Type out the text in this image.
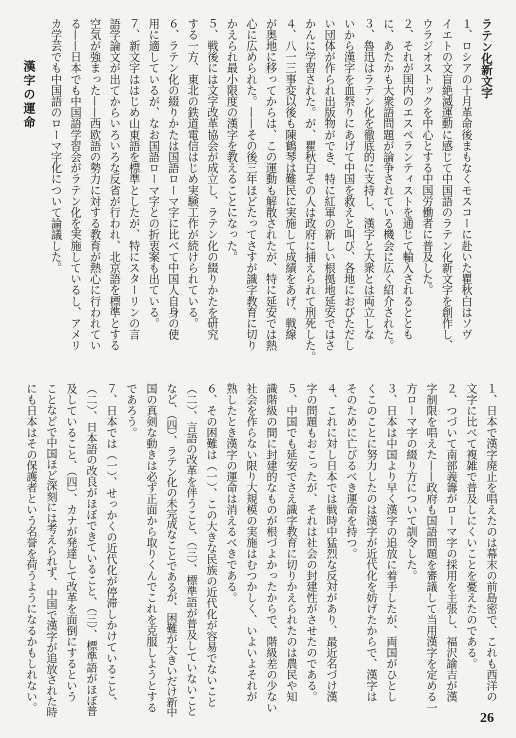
ラテン化新文字
１、ロシアの十月革命後まもなくモスコーに赴いた瞿秋白はソヴ
イエトの文盲絶滅運動に感じて中国語のラテン化新文字を創作し、
ウラジオストックを中心とする中国労働者に普及した。
２、それが国内のエスペランティストを通じて輸入されるととも
に、あたかも大衆語問題が論争されている機会に広く紹介された。
３、魯迅はラテン化を徹底的に支持し、漢字と大衆とは両立しな
いから漢字を血祭りにあげて中国を救えと叫び、各地におびただし
い団体が作られ出版物ができ、特に紅軍の新しい根拠地延安ではさ
かんに学習された。が、瞿秋白その人は政府に捕えられて刑死した。
４、八一三事変以後も陳鶴琴は難民に実施して成績をあげ、戦線
が奥地に移ってからは、この運動も解散されたが、特に延安では熱
心に広められた。——その後三年ほどたってさすが識字教育に切り
かえられ最小限度の漢字を教えることになった。
５、戦後には文字改革協会が成立し、ラテン化の綴りかたを研究
する一方、東北の鉄道電信はじめ実験工作が続けられている。
６、ラテン化の綴りかたは国語ローマ字に比べて中国人自身の使
用に適しているが、なお国語ローマ字との折衷案も出ている。
７、新文字ははじめ山東語を標準としたが、特にスターリンの言
語学論文が出てからいろいろな反省が行われ、北京語を標準とする
空気が強まった——西欧語の勢力に対する教育が熱心に行われてい
る——日本でも中国語学習会がラテン化を実施しているし、アメリ
カ学芸でも中国語のローマ字化について論議した。
漢字の運命
１、日本で漢字廃止を唱えたのは幕末の前島密で、これも西洋の
文字に比べて複雑で普及しにくいことを憂えたのである。
２、つづいて南部義籌がローマ字の採用を主張し、福沢諭吉が漢
字制限を唱えた——政府も国語問題を審議して当用漢字を定める一
方ローマ字の綴り方について訓令した。
３、日本は中国より早く漢字の追放に着手したが、両国がひとし
くこのことに努力したのは漢字が近代化を妨げたからで、漢字は
そのために亡びるべき運命を持つ。
４、これに対し日本では戦時中猛烈な反対があり、最近名づけ漢
字の問題もおこったが、それは社会の封建性がさせたのである。
５、中国でも延安でさえ識字教育に切りかえられたのは農民や知
識階級の間に封建的なものが根づよかったからで、階級差の少ない
社会を作らない限り大規模の実施はむつかしく、いよいよそれが
熟したとき漢字の運命は消えるべきである。
６、その困難は（一）、この大きな民族の近代化が容易でないこと
（二）、言語の改革を伴うこと、（三）、標準語が普及していないこと
など、（四）、ラテン化の未完成なことであるが、困難が大きいだけ新中
国の真剣な動きは必ず正面から取りくんでこれを克服しようとする
であろう。
７、日本では（一）、せっかくの近代化が停滞しかけていること、
（二）、日本語の改良がほぼできていること、（三）、標準語がほぼ普
及していること、（四）、カナが発達して改革を面倒にするという
ことなどで中国ほど深刻には考えられず、中国で漢字が追放された時
にも日本はその保護者という名誉を荷うようになるかもしれない。
26
